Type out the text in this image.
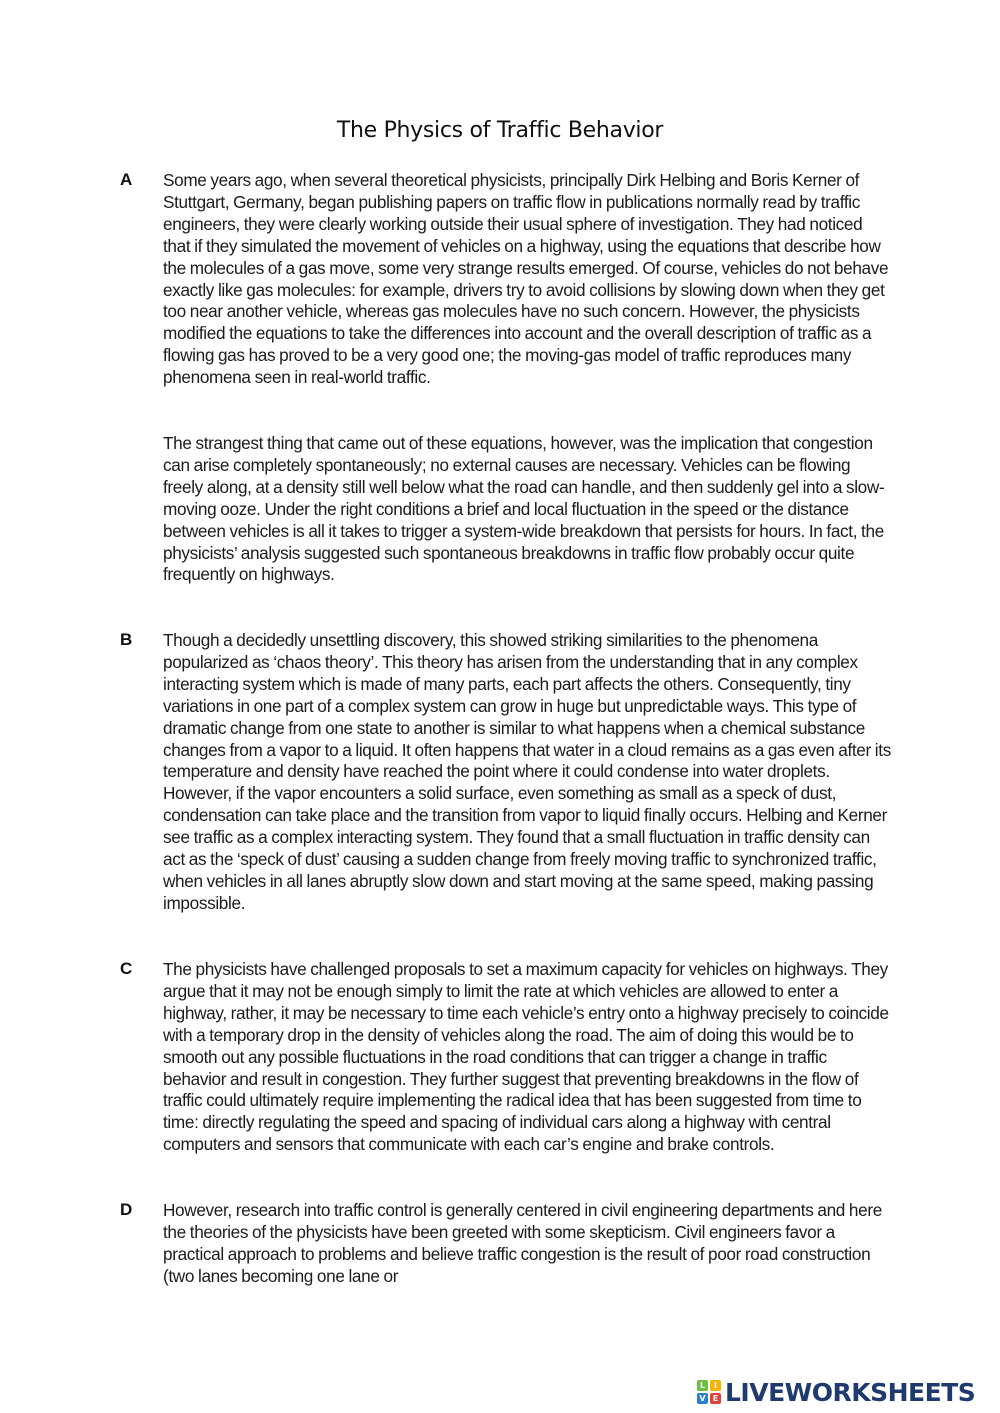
The Physics of Traffic Behavior
A Some years ago, when several theoretical physicists, principally Dirk Helbing and Boris Kerner of Stuttgart, Germany, began publishing papers on traffic flow in publications normally read by traffic engineers, they were clearly working outside their usual sphere of investigation. They had noticed that if they simulated the movement of vehicles on a highway, using the equations that describe how the molecules of a gas move, some very strange results emerged. Of course, vehicles do not behave exactly like gas molecules: for example, drivers try to avoid collisions by slowing down when they get too near another vehicle, whereas gas molecules have no such concern. However, the physicists modified the equations to take the differences into account and the overall description of traffic as a flowing gas has proved to be a very good one; the moving-gas model of traffic reproduces many phenomena seen in real-world traffic.
The strangest thing that came out of these equations, however, was the implication that congestion can arise completely spontaneously; no external causes are necessary. Vehicles can be flowing freely along, at a density still well below what the road can handle, and then suddenly gel into a slow-moving ooze. Under the right conditions a brief and local fluctuation in the speed or the distance between vehicles is all it takes to trigger a system-wide breakdown that persists for hours. In fact, the physicists’ analysis suggested such spontaneous breakdowns in traffic flow probably occur quite frequently on highways.
B Though a decidedly unsettling discovery, this showed striking similarities to the phenomena popularized as ‘chaos theory’. This theory has arisen from the understanding that in any complex interacting system which is made of many parts, each part affects the others. Consequently, tiny variations in one part of a complex system can grow in huge but unpredictable ways. This type of dramatic change from one state to another is similar to what happens when a chemical substance changes from a vapor to a liquid. It often happens that water in a cloud remains as a gas even after its temperature and density have reached the point where it could condense into water droplets. However, if the vapor encounters a solid surface, even something as small as a speck of dust, condensation can take place and the transition from vapor to liquid finally occurs. Helbing and Kerner see traffic as a complex interacting system. They found that a small fluctuation in traffic density can act as the ‘speck of dust’ causing a sudden change from freely moving traffic to synchronized traffic, when vehicles in all lanes abruptly slow down and start moving at the same speed, making passing impossible.
C The physicists have challenged proposals to set a maximum capacity for vehicles on highways. They argue that it may not be enough simply to limit the rate at which vehicles are allowed to enter a highway, rather, it may be necessary to time each vehicle’s entry onto a highway precisely to coincide with a temporary drop in the density of vehicles along the road. The aim of doing this would be to smooth out any possible fluctuations in the road conditions that can trigger a change in traffic behavior and result in congestion. They further suggest that preventing breakdowns in the flow of traffic could ultimately require implementing the radical idea that has been suggested from time to time: directly regulating the speed and spacing of individual cars along a highway with central computers and sensors that communicate with each car’s engine and brake controls.
D However, research into traffic control is generally centered in civil engineering departments and here the theories of the physicists have been greeted with some skepticism. Civil engineers favor a practical approach to problems and believe traffic congestion is the result of poor road construction (two lanes becoming one lane or
L	I
V E LIVEWORKSHEETS
